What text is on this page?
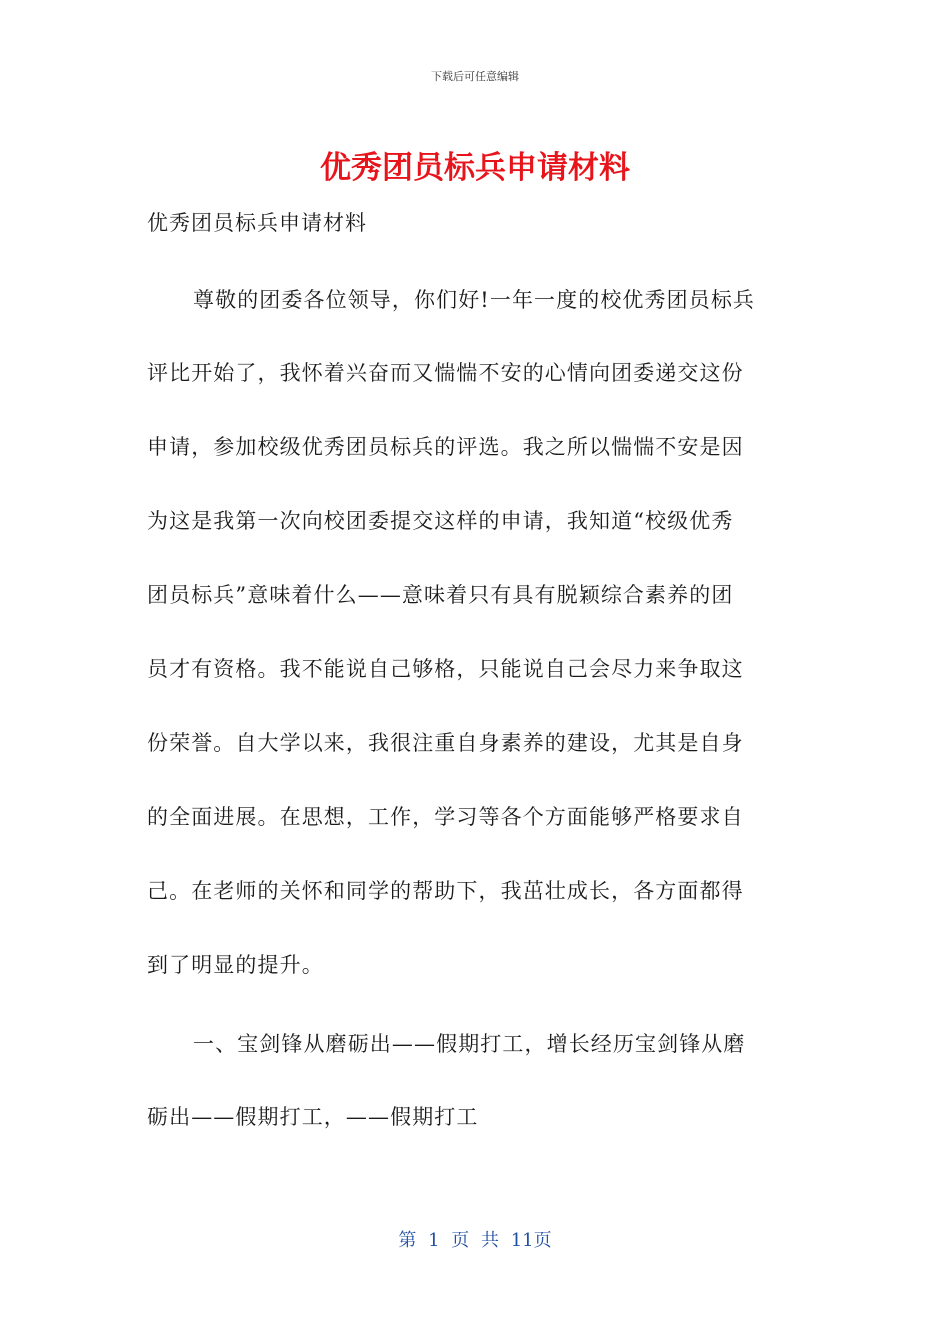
下载后可任意编辑
优秀团员标兵申请材料
优秀团员标兵申请材料
尊敬的团委各位领导，你们好!一年一度的校优秀团员标兵
评比开始了，我怀着兴奋而又惴惴不安的心情向团委递交这份
申请，参加校级优秀团员标兵的评选。我之所以惴惴不安是因
为这是我第一次向校团委提交这样的申请，我知道“校级优秀
团员标兵”意味着什么——意味着只有具有脱颖综合素养的团
员才有资格。我不能说自己够格，只能说自己会尽力来争取这
份荣誉。自大学以来，我很注重自身素养的建设，尤其是自身
的全面进展。在思想，工作，学习等各个方面能够严格要求自
己。在老师的关怀和同学的帮助下，我茁壮成长，各方面都得
到了明显的提升。
一、宝剑锋从磨砺出——假期打工，增长经历宝剑锋从磨
砺出——假期打工，——假期打工
第 1 页 共 11页
